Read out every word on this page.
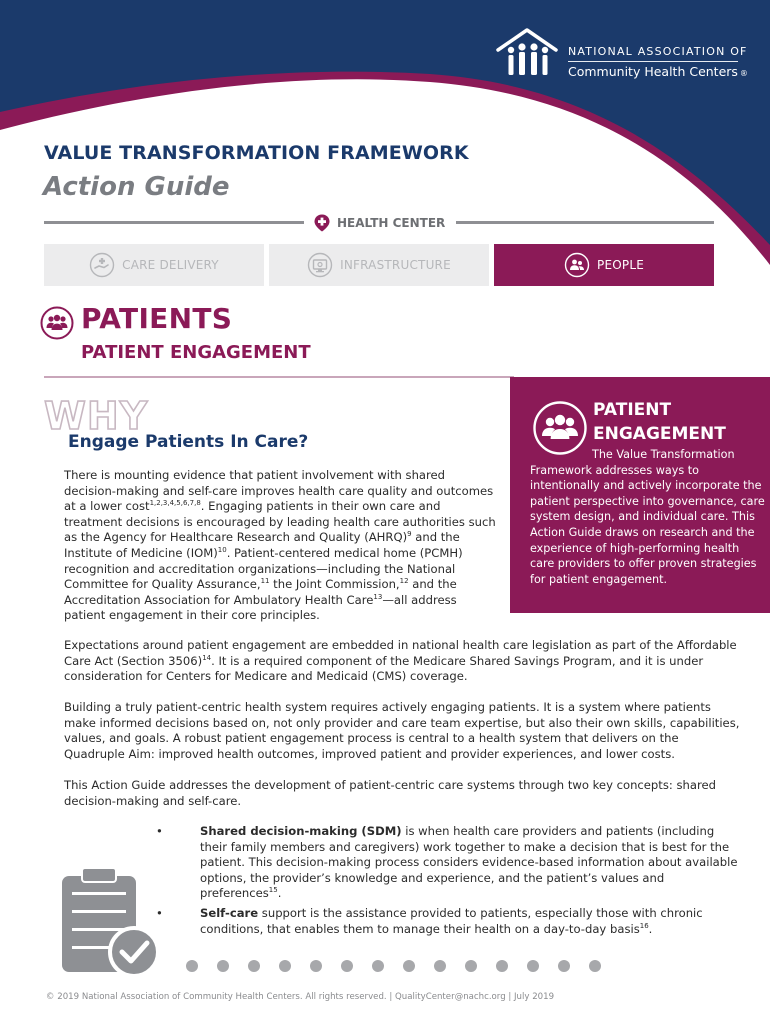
NATIONAL ASSOCIATION OF
Community Health Centers ®
VALUE TRANSFORMATION FRAMEWORK
Action Guide
HEALTH CENTER
CARE DELIVERY	INFRASTRUCTURE	PEOPLE
PATIENTS
PATIENT ENGAGEMENT
WHY
Engage Patients In Care?
PATIENT
ENGAGEMENT
The Value Transformation Framework addresses ways to intentionally and actively incorporate the patient perspective into governance, care system design, and individual care. This Action Guide draws on research and the experience of high-performing health care providers to offer proven strategies for patient engagement.
There is mounting evidence that patient involvement with shared decision-making and self-care improves health care quality and outcomes at a lower cost$^{1,2,3,4,5,6,7,8}$. Engaging patients in their own care and treatment decisions is encouraged by leading health care authorities such as the Agency for Healthcare Research and Quality (AHRQ)$^9$ and the Institute of Medicine (IOM)$^{10}$. Patient-centered medical home (PCMH) recognition and accreditation organizations—including the National Committee for Quality Assurance,$^{11}$ the Joint Commission,$^{12}$ and the Accreditation Association for Ambulatory Health Care$^{13}$—all address patient engagement in their core principles.
Expectations around patient engagement are embedded in national health care legislation as part of the Affordable Care Act (Section 3506)$^{14}$. It is a required component of the Medicare Shared Savings Program, and it is under consideration for Centers for Medicare and Medicaid (CMS) coverage.
Building a truly patient-centric health system requires actively engaging patients. It is a system where patients make informed decisions based on, not only provider and care team expertise, but also their own skills, capabilities, values, and goals. A robust patient engagement process is central to a health system that delivers on the Quadruple Aim: improved health outcomes, improved patient and provider experiences, and lower costs.
This Action Guide addresses the development of patient-centric care systems through two key concepts: shared decision-making and self-care.
•	Shared decision-making (SDM) is when health care providers and patients (including their family members and caregivers) work together to make a decision that is best for the patient. This decision-making process considers evidence-based information about available options, the provider’s knowledge and experience, and the patient’s values and preferences$^{15}$.
•	Self-care support is the assistance provided to patients, especially those with chronic conditions, that enables them to manage their health on a day-to-day basis$^{16}$.
© 2019 National Association of Community Health Centers. All rights reserved. | QualityCenter@nachc.org | July 2019
